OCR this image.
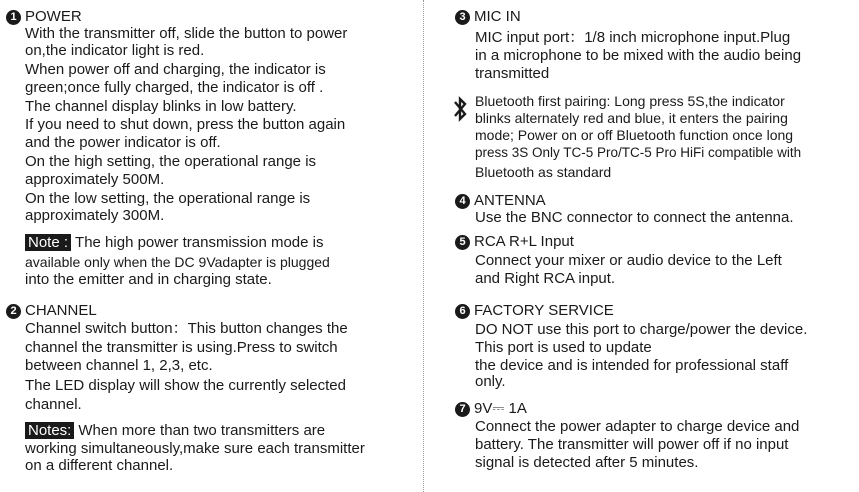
1 POWER
With the transmitter off, slide the button to power
on,the indicator light is red.
When power off and charging, the indicator is
green;once fully charged, the indicator is off .
The channel display blinks in low battery.
If you need to shut down, press the button again
and the power indicator is off.
On the high setting, the operational range is
approximately 500M.
On the low setting, the operational range is
approximately 300M.
Note : The high power transmission mode is
available only when the DC 9Vadapter is plugged
into the emitter and in charging state.
2 CHANNEL
Channel switch button：This button changes the
channel the transmitter is using.Press to switch
between channel 1, 2,3, etc.
The LED display will show the currently selected
channel.
Notes: When more than two transmitters are
working simultaneously,make sure each transmitter
on a different channel.
3 MIC IN
MIC input port：1/8 inch microphone input.Plug
in a microphone to be mixed with the audio being
transmitted
Bluetooth first pairing: Long press 5S,the indicator
blinks alternately red and blue, it enters the pairing
mode; Power on or off Bluetooth function once long
press 3S Only TC-5 Pro/TC-5 Pro HiFi compatible with
Bluetooth as standard
4 ANTENNA
Use the BNC connector to connect the antenna.
5 RCA R+L Input
Connect your mixer or audio device to the Left
and Right RCA input.
6 FACTORY SERVICE
DO NOT use this port to charge/power the device.
This port is used to update
the device and is intended for professional staff
only.
7 9V⎓ 1A
Connect the power adapter to charge device and
battery. The transmitter will power off if no input
signal is detected after 5 minutes.
